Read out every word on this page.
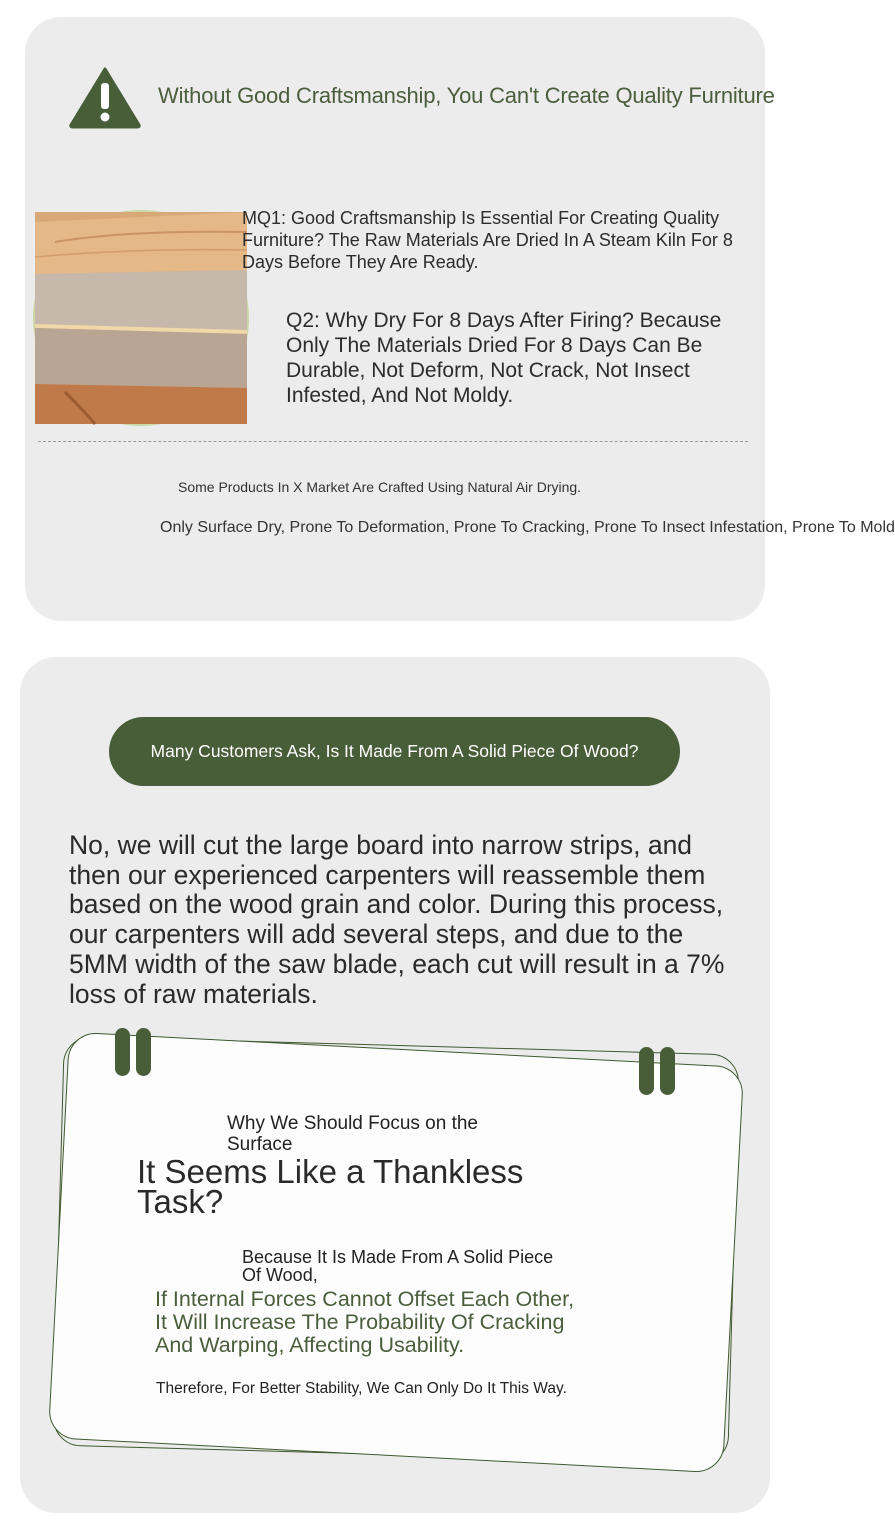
Without Good Craftsmanship, You Can't Create Quality Furniture
MQ1: Good Craftsmanship Is Essential For Creating Quality Furniture? The Raw Materials Are Dried In A Steam Kiln For 8 Days Before They Are Ready.
Q2: Why Dry For 8 Days After Firing? Because Only The Materials Dried For 8 Days Can Be Durable, Not Deform, Not Crack, Not Insect Infested, And Not Moldy.
Some Products In X Market Are Crafted Using Natural Air Drying.
Only Surface Dry, Prone To Deformation, Prone To Cracking, Prone To Insect Infestation, Prone To Mold
Many Customers Ask, Is It Made From A Solid Piece Of Wood?
No, we will cut the large board into narrow strips, and then our experienced carpenters will reassemble them based on the wood grain and color. During this process, our carpenters will add several steps, and due to the 5MM width of the saw blade, each cut will result in a 7% loss of raw materials.
Why We Should Focus on the Surface
It Seems Like a Thankless Task?
Because It Is Made From A Solid Piece Of Wood,
If Internal Forces Cannot Offset Each Other, It Will Increase The Probability Of Cracking And Warping, Affecting Usability.
Therefore, For Better Stability, We Can Only Do It This Way.
